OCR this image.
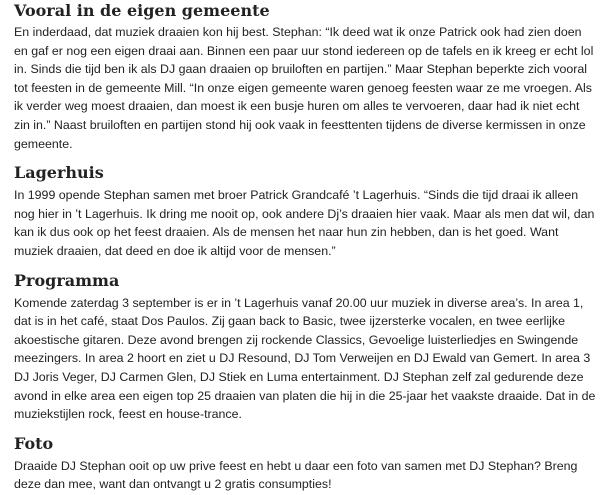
Vooral in de eigen gemeente

En inderdaad, dat muziek draaien kon hij best. Stephan: “Ik deed wat ik onze Patrick ook had zien doen en gaf er nog een eigen draai aan. Binnen een paar uur stond iedereen op de tafels en ik kreeg er echt lol in. Sinds die tijd ben ik als DJ gaan draaien op bruiloften en partijen.” Maar Stephan beperkte zich vooral tot feesten in de gemeente Mill. “In onze eigen gemeente waren genoeg feesten waar ze me vroegen. Als ik verder weg moest draaien, dan moest ik een busje huren om alles te vervoeren, daar had ik niet echt zin in.” Naast bruiloften en partijen stond hij ook vaak in feesttenten tijdens de diverse kermissen in onze gemeente.

Lagerhuis

In 1999 opende Stephan samen met broer Patrick Grandcafé ’t Lagerhuis. “Sinds die tijd draai ik alleen nog hier in ’t Lagerhuis. Ik dring me nooit op, ook andere Dj’s draaien hier vaak. Maar als men dat wil, dan kan ik dus ook op het feest draaien. Als de mensen het naar hun zin hebben, dan is het goed. Want muziek draaien, dat deed en doe ik altijd voor de mensen.”

Programma

Komende zaterdag 3 september is er in ’t Lagerhuis vanaf 20.00 uur muziek in diverse area’s. In area 1, dat is in het café, staat Dos Paulos. Zij gaan back to Basic, twee ijzersterke vocalen, en twee eerlijke akoestische gitaren. Deze avond brengen zij rockende Classics, Gevoelige luisterliedjes en Swingende meezingers. In area 2 hoort en ziet u DJ Resound, DJ Tom Verweijen en DJ Ewald van Gemert. In area 3 DJ Joris Veger, DJ Carmen Glen, DJ Stiek en Luma entertainment. DJ Stephan zelf zal gedurende deze avond in elke area een eigen top 25 draaien van platen die hij in die 25-jaar het vaakste draaide. Dat in de muziekstijlen rock, feest en house-trance.

Foto

Draaide DJ Stephan ooit op uw prive feest en hebt u daar een foto van samen met DJ Stephan? Breng deze dan mee, want dan ontvangt u 2 gratis consumpties!
